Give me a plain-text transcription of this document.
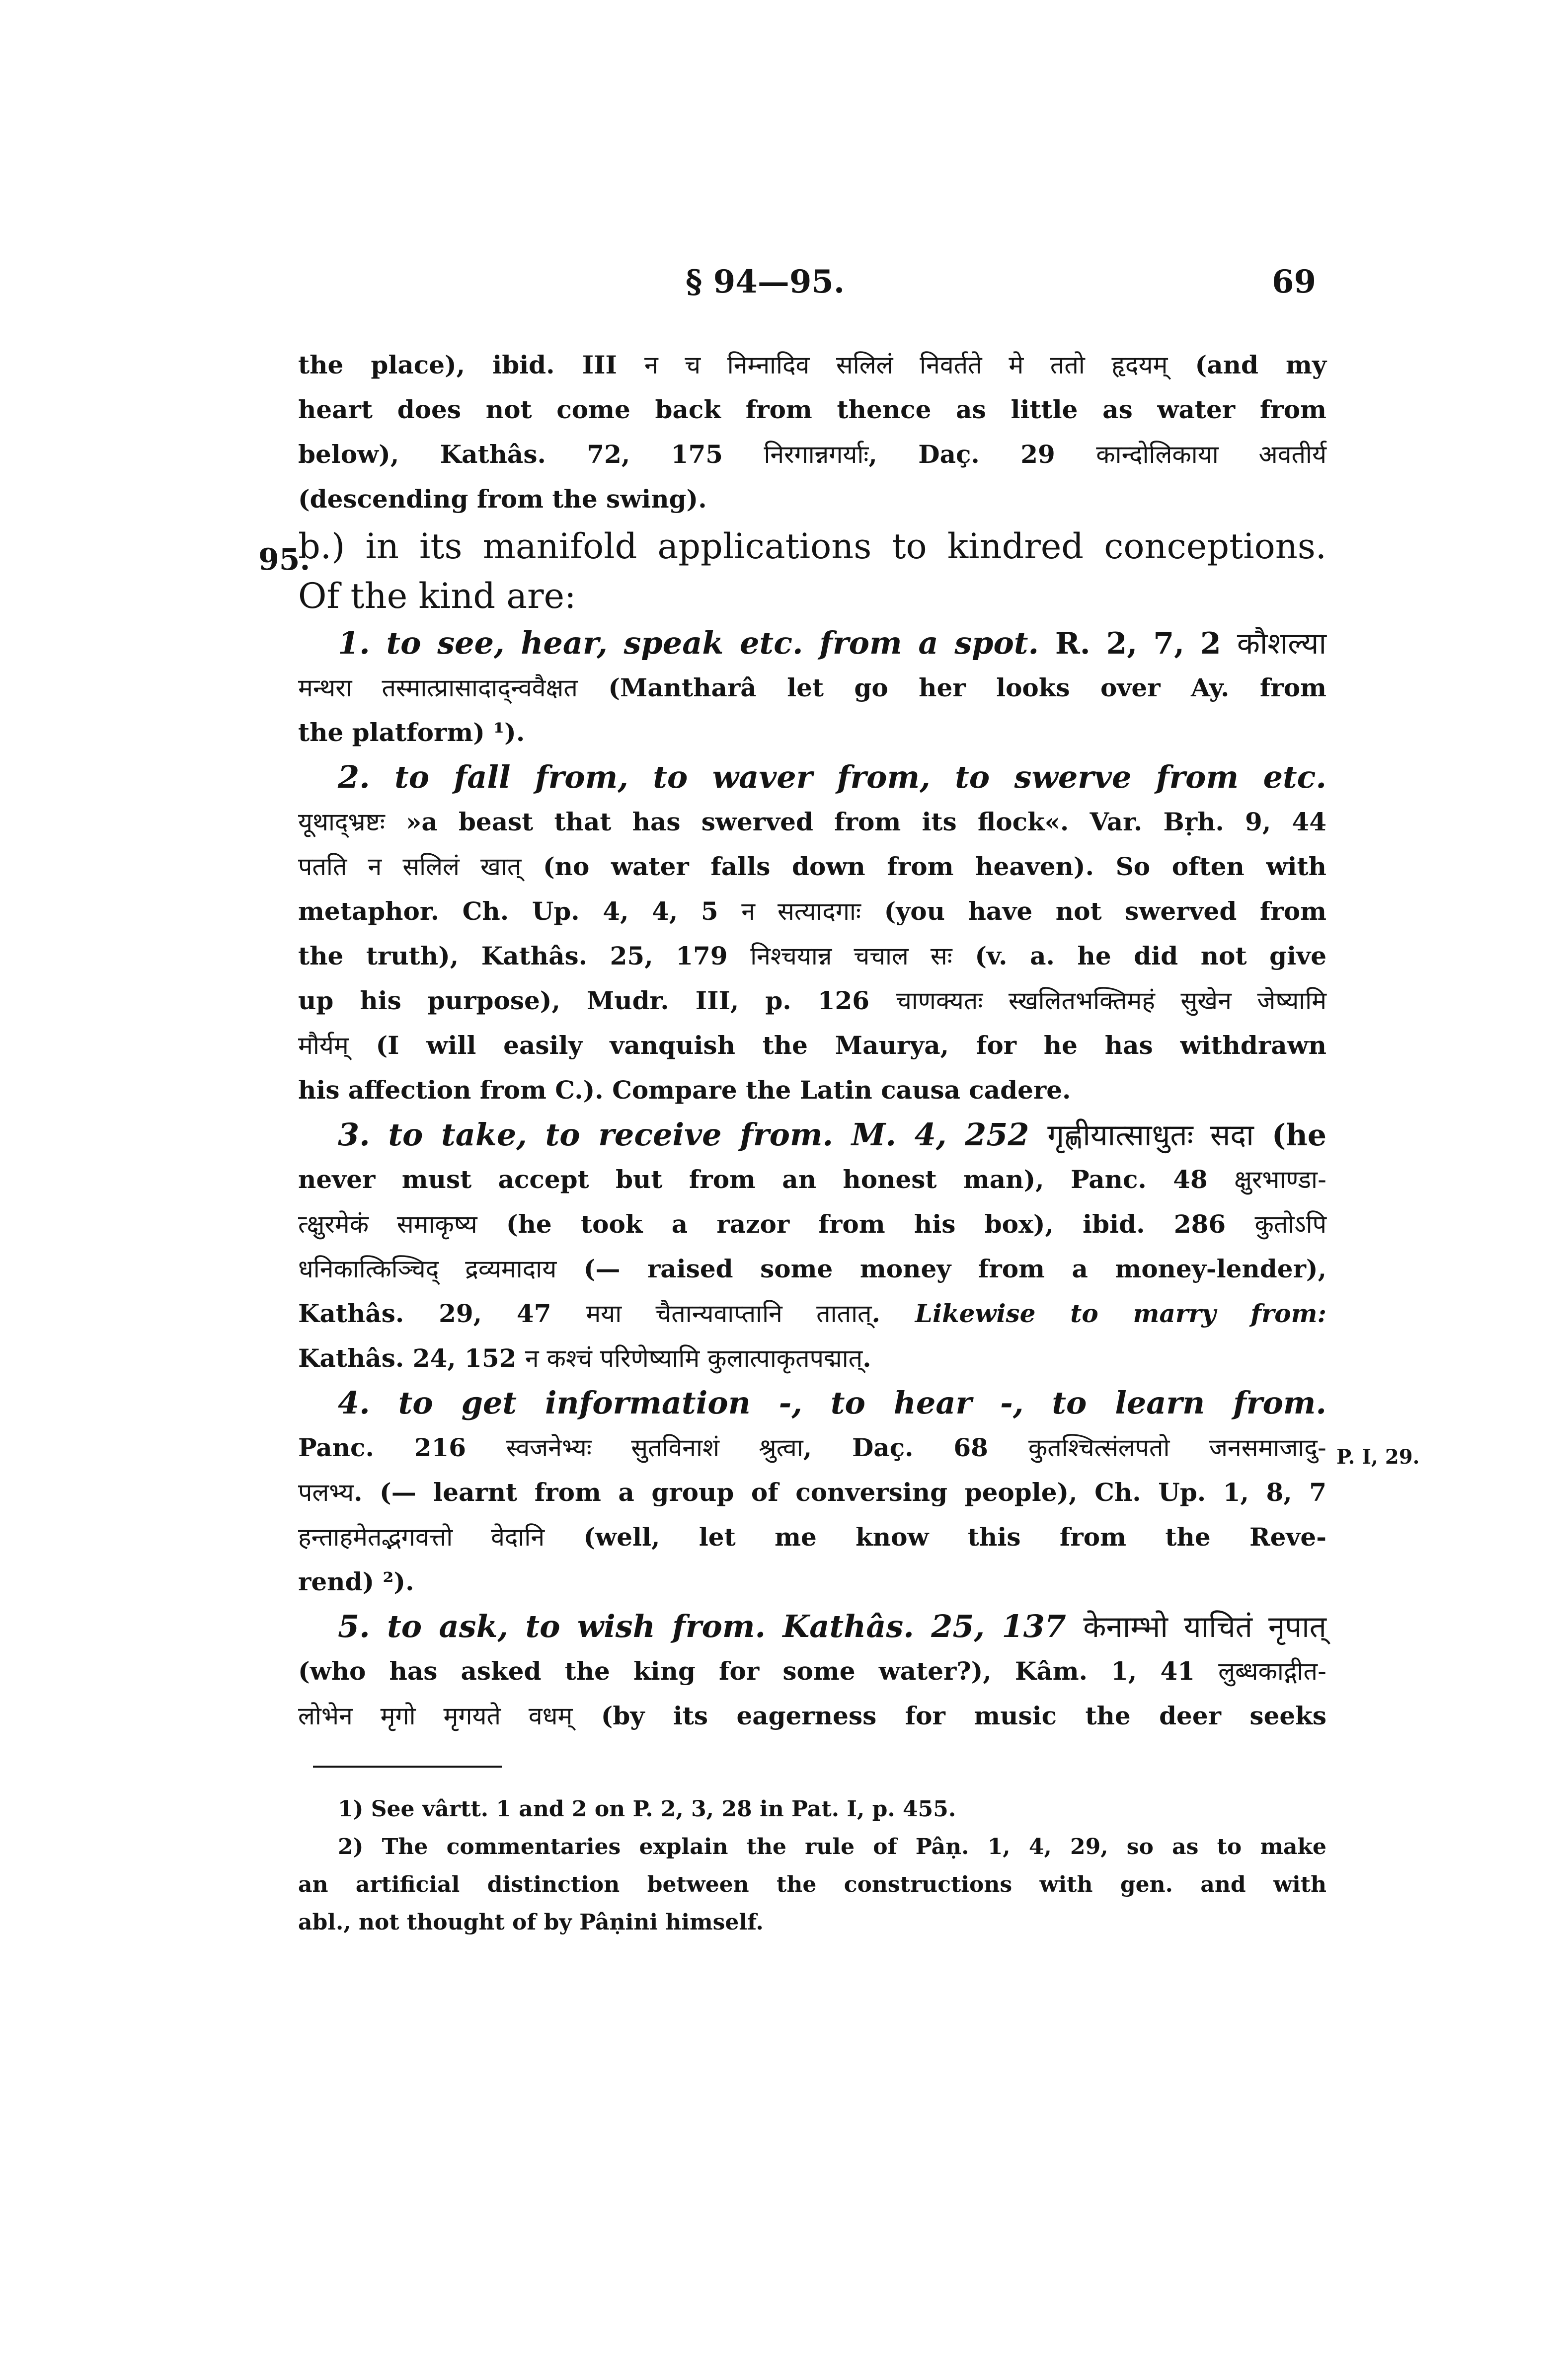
§ 94—95.	69
95.
P. I, 29.
the place), ibid. III न च निम्नादिव सलिलं निवर्तते मे ततो हृदयम् (and my
heart does not come back from thence as little as water from
below), Kathâs. 72, 175 निरगान्नगर्याः, Daç. 29 कान्दोलिकाया अवतीर्य
(descending from the swing).
b.) in its manifold applications to kindred conceptions.
Of the kind are:
1. to see, hear, speak etc. from a spot. R. 2, 7, 2 कौशल्या
मन्थरा तस्मात्प्रासादाद्‌न्ववैक्षत (Mantharâ let go her looks over Ay. from
the platform) ¹).
2. to fall from, to waver from, to swerve from etc.
यूथाद्भ्रष्टः »a beast that has swerved from its flock«. Var. Bṛh. 9, 44
पतति न सलिलं खात् (no water falls down from heaven). So often with
metaphor. Ch. Up. 4, 4, 5 न सत्यादगाः (you have not swerved from
the truth), Kathâs. 25, 179 निश्चयान्न चचाल सः (v. a. he did not give
up his purpose), Mudr. III, p. 126 चाणक्यतः स्खलितभक्तिमहं सुखेन जेष्यामि
मौर्यम् (I will easily vanquish the Maurya, for he has withdrawn
his affection from C.). Compare the Latin causa cadere.
3. to take, to receive from. M. 4, 252 गृह्णीयात्साधुतः सदा (he
never must accept but from an honest man), Panc. 48 क्षुरभाण्डा-
त्क्षुरमेकं समाकृष्य (he took a razor from his box), ibid. 286 कुतोऽपि
धनिकात्किञ्चिद् द्रव्यमादाय (— raised some money from a money-lender),
Kathâs. 29, 47 मया चैतान्यवाप्तानि तातात्. Likewise to marry from:
Kathâs. 24, 152 न कश्चं परिणेष्यामि कुलात्पाकृतपद्मात्.
4. to get information -, to hear -, to learn from.
Panc. 216 स्वजनेभ्यः सुतविनाशं श्रुत्वा, Daç. 68 कुतश्चित्संलपतो जनसमाजादु-
पलभ्य. (— learnt from a group of conversing people), Ch. Up. 1, 8, 7
हन्ताहमेतद्भगवत्तो वेदानि (well, let me know this from the Reve-
rend) ²).
5. to ask, to wish from. Kathâs. 25, 137 केनाम्भो याचितं नृपात्
(who has asked the king for some water?), Kâm. 1, 41 लुब्धकाद्गीत-
लोभेन मृगो मृगयते वधम् (by its eagerness for music the deer seeks
1) See vârtt. 1 and 2 on P. 2, 3, 28 in Pat. I, p. 455.
2) The commentaries explain the rule of Pâṇ. 1, 4, 29, so as to make
an artificial distinction between the constructions with gen. and with
abl., not thought of by Pâṇini himself.
